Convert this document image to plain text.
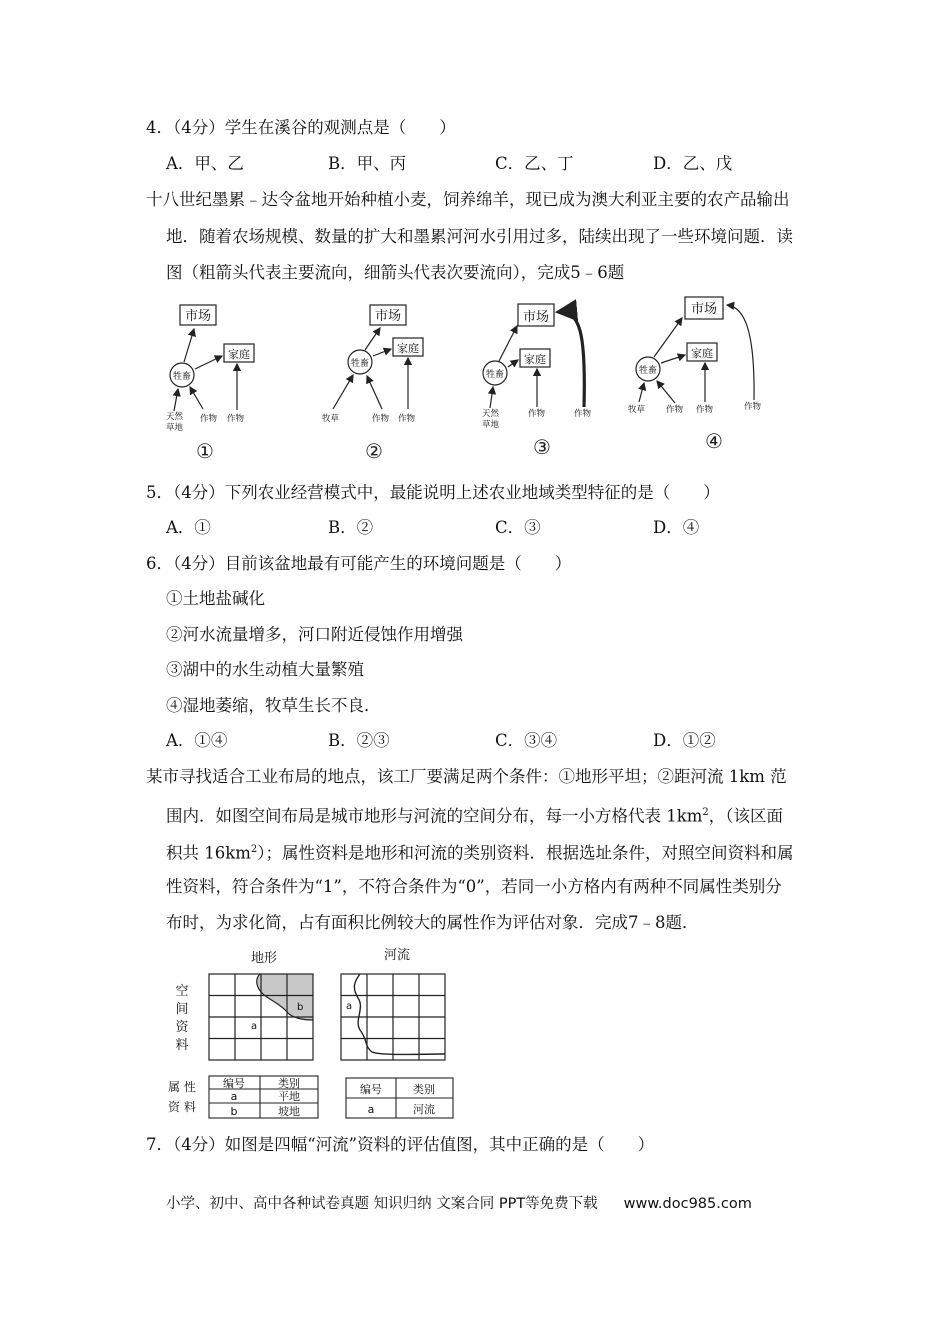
4．（4分）学生在溪谷的观测点是（　　）
A．甲、乙	B．甲、丙	C．乙、丁	D．乙、戊
十八世纪墨累﹣达令盆地开始种植小麦，饲养绵羊，现已成为澳大利亚主要的农产品输出
地．随着农场规模、数量的扩大和墨累河河水引用过多，陆续出现了一些环境问题．读
图（粗箭头代表主要流向，细箭头代表次要流向），完成5﹣6题
市场
家庭
牲畜
市场
家庭
牲畜
市场
家庭
牲畜
市场
家庭
牲畜
天然
草地
作物 作物	牧草	作物 作物	天然
草地
作物	作物	牧草 作物 作物	作物
①	②	③	④
5．（4分）下列农业经营模式中，最能说明上述农业地域类型特征的是（　　）
A．①	B．②	C．③	D．④
6．（4分）目前该盆地最有可能产生的环境问题是（　　）
①土地盐碱化
②河水流量增多，河口附近侵蚀作用增强
③湖中的水生动植大量繁殖
④湿地萎缩，牧草生长不良．
A．①④	B．②③	C．③④	D．①②
某市寻找适合工业布局的地点，该工厂要满足两个条件：①地形平坦；②距河流 1km 范
围内．如图空间布局是城市地形与河流的空间分布，每一小方格代表 $1km^2$，（该区面
积共 $16km^2$）；属性资料是地形和河流的类别资料．根据选址条件，对照空间资料和属
性资料，符合条件为“1”，不符合条件为“0”，若同一小方格内有两种不同属性类别分
布时，为求化简，占有面积比例较大的属性作为评估对象．完成7﹣8题．
地形	河流
空
间
资
料
a
b	a
属 性
资 料
编号	类别
a	平地
b	坡地
编号	类别
a	河流
7．（4分）如图是四幅“河流”资料的评估值图，其中正确的是（　　）
小学、初中、高中各种试卷真题 知识归纳 文案合同 PPT等免费下载 www.doc985.com
